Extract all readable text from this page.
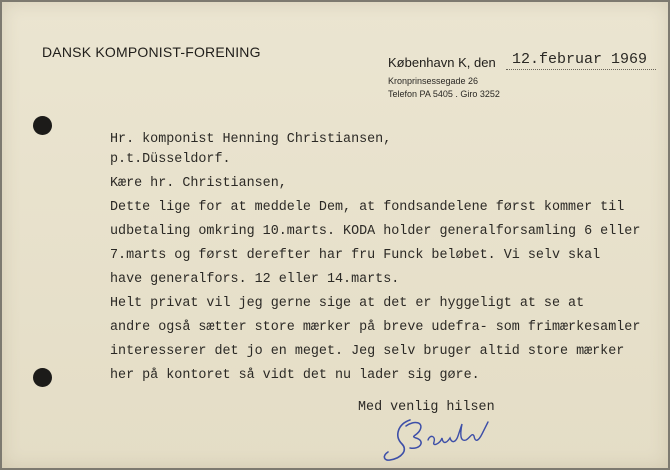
DANSK KOMPONIST-FORENING
København K, den 12.februar 1969
Kronprinsessegade 26
Telefon PA 5405 . Giro 3252
Hr. komponist Henning Christiansen,
p.t.Düsseldorf.
Kære hr. Christiansen,
Dette lige for at meddele Dem, at fondsandelene først kommer til
udbetaling omkring 10.marts. KODA holder generalforsamling 6 eller
7.marts og først derefter har fru Funck beløbet. Vi selv skal
have generalfors. 12 eller 14.marts.
Helt privat vil jeg gerne sige at det er hyggeligt at se at
andre også sætter store mærker på breve udefra- som frimærkesamler
interesserer det jo en meget. Jeg selv bruger altid store mærker
her på kontoret så vidt det nu lader sig gøre.
Med venlig hilsen
